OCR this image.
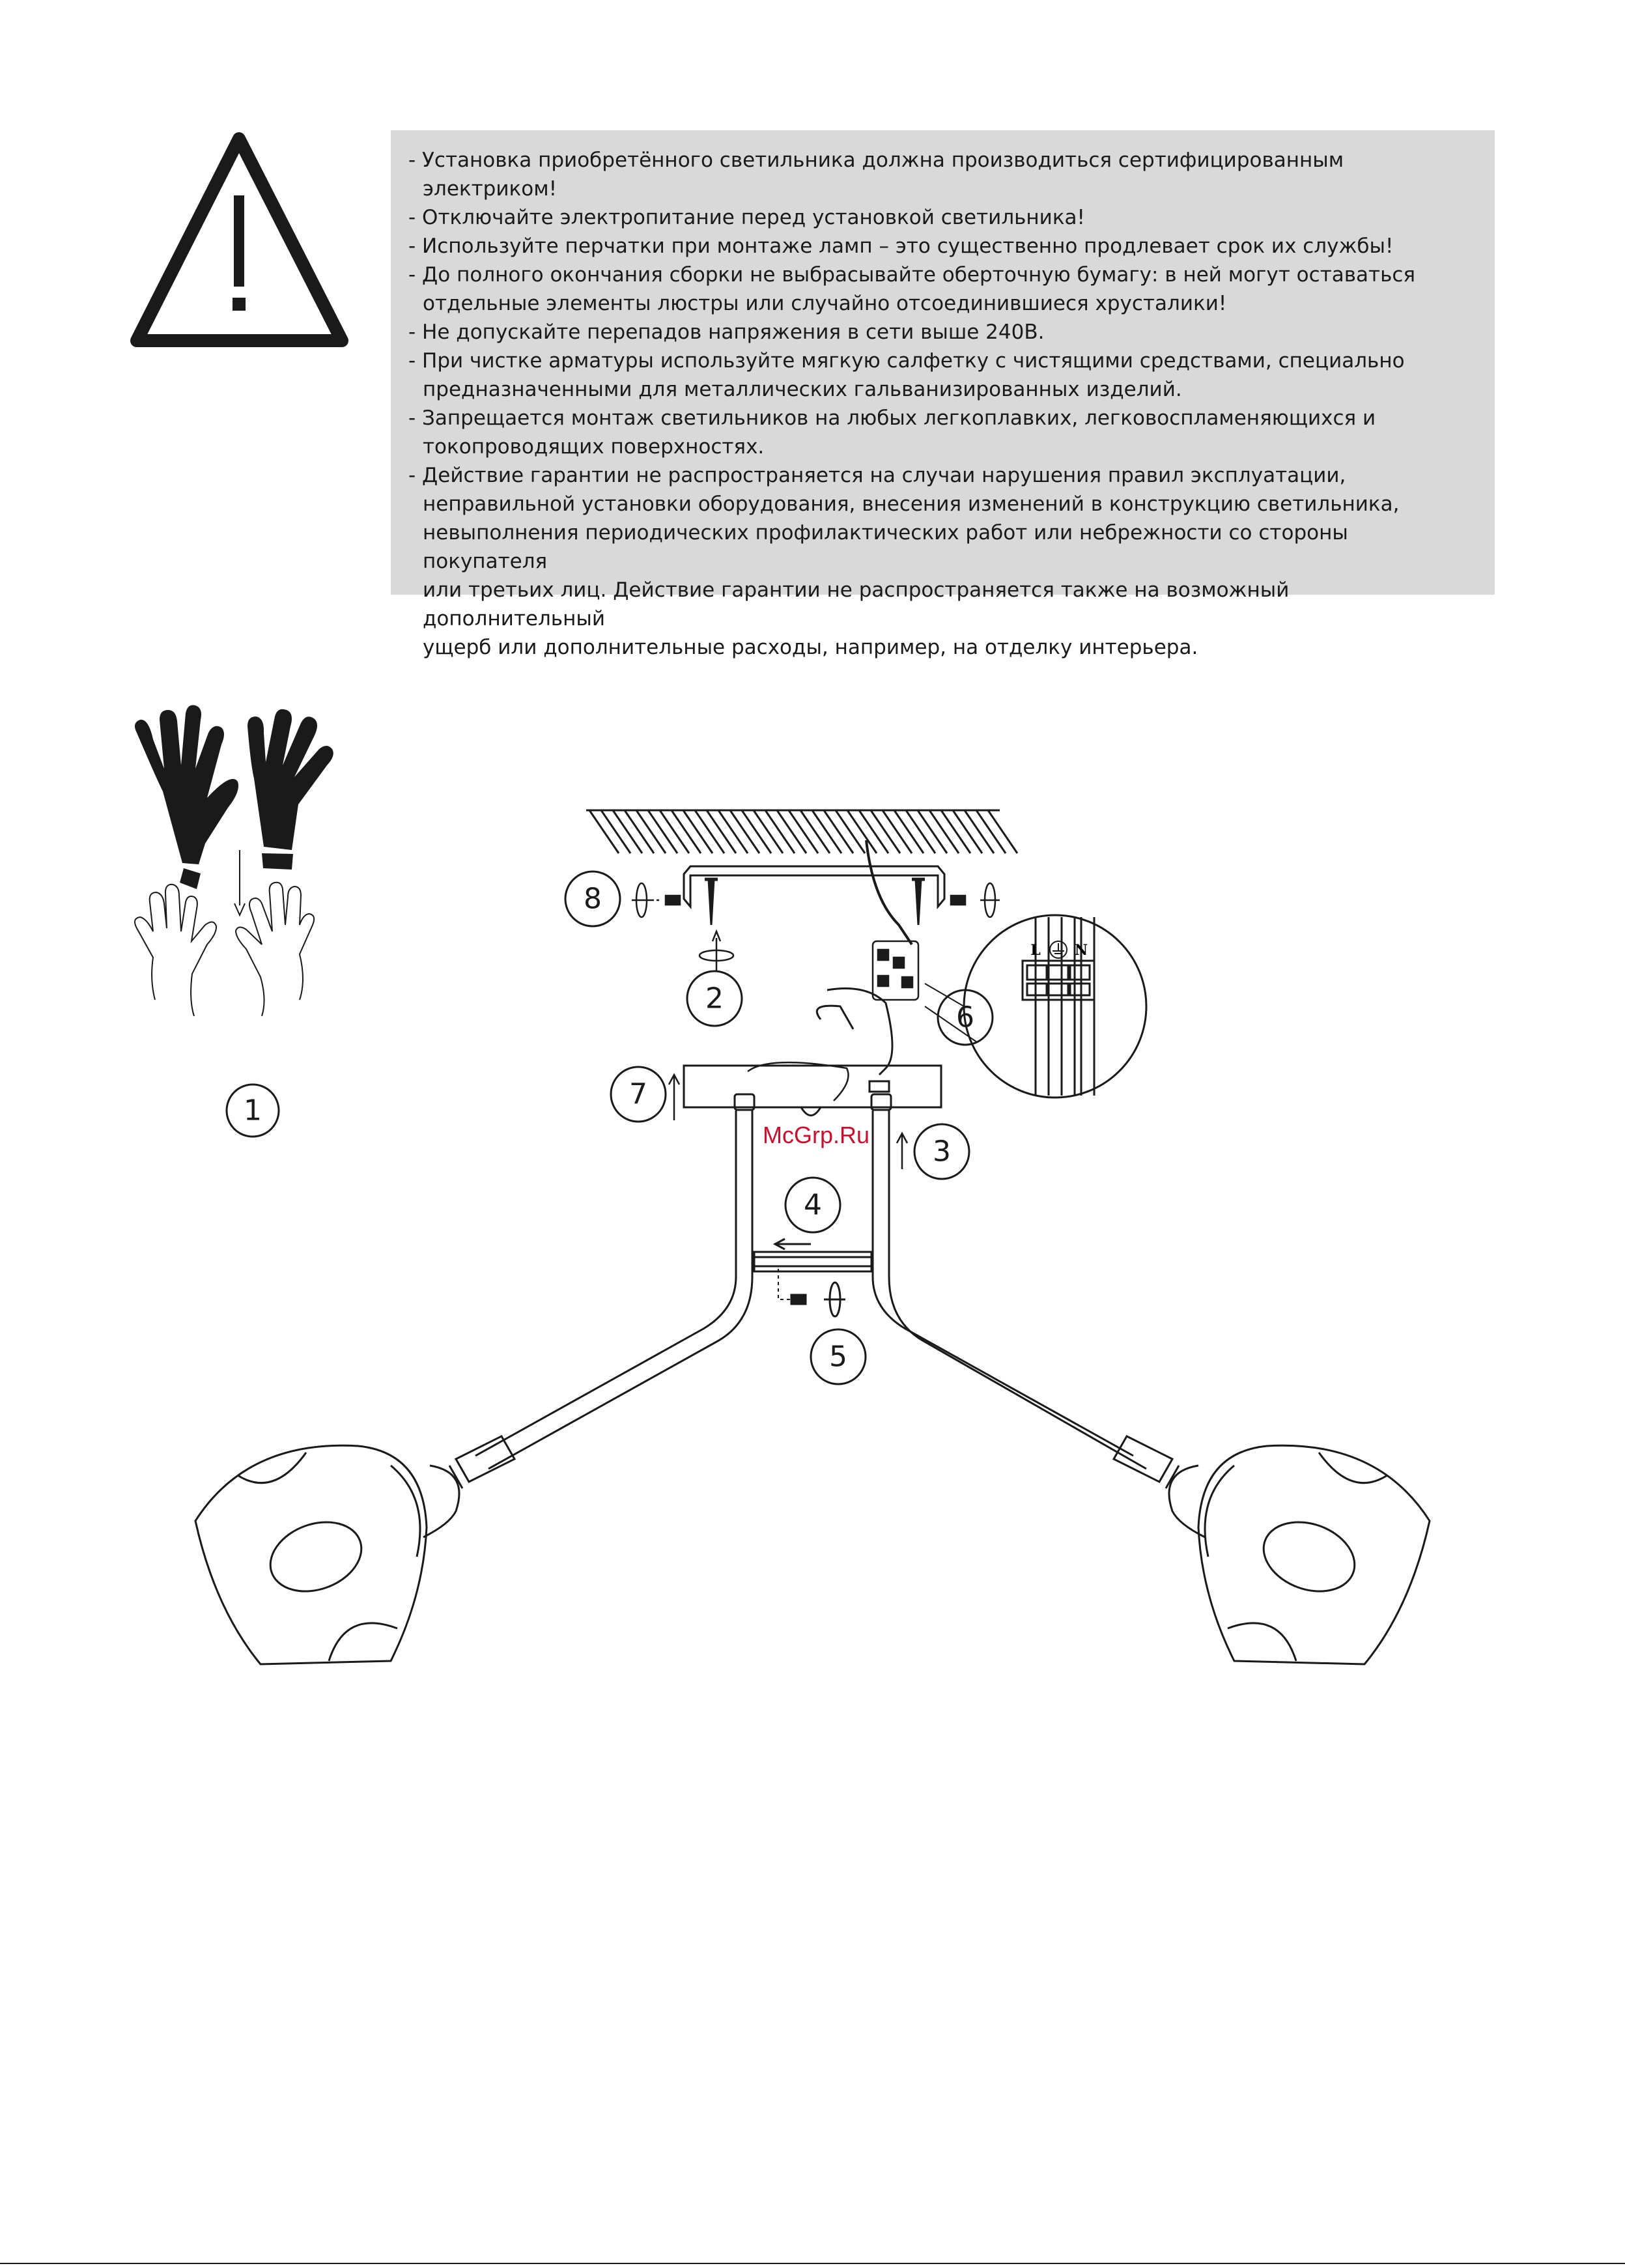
- Установка приобретённого светильника должна производиться сертифицированным электриком!
- Отключайте электропитание перед установкой светильника!
- Используйте перчатки при монтаже ламп – это существенно продлевает срок их службы!
- До полного окончания сборки не выбрасывайте оберточную бумагу: в ней могут оставаться
отдельные элементы люстры или случайно отсоединившиеся хрусталики!
- Не допускайте перепадов напряжения в сети выше 240В.
- При чистке арматуры используйте мягкую салфетку с чистящими средствами, специально
предназначенными для металлических гальванизированных изделий.
- Запрещается монтаж светильников на любых легкоплавких, легковоспламеняющихся и
токопроводящих поверхностях.
- Действие гарантии не распространяется на случаи нарушения правил эксплуатации,
неправильной установки оборудования, внесения изменений в конструкцию светильника,
невыполнения периодических профилактических работ или небрежности со стороны покупателя
или третьих лиц. Действие гарантии не распространяется также на возможный дополнительный
ущерб или дополнительные расходы, например, на отделку интерьера.
L N
1
2
3
4
5
6
7
8
McGrp.Ru
